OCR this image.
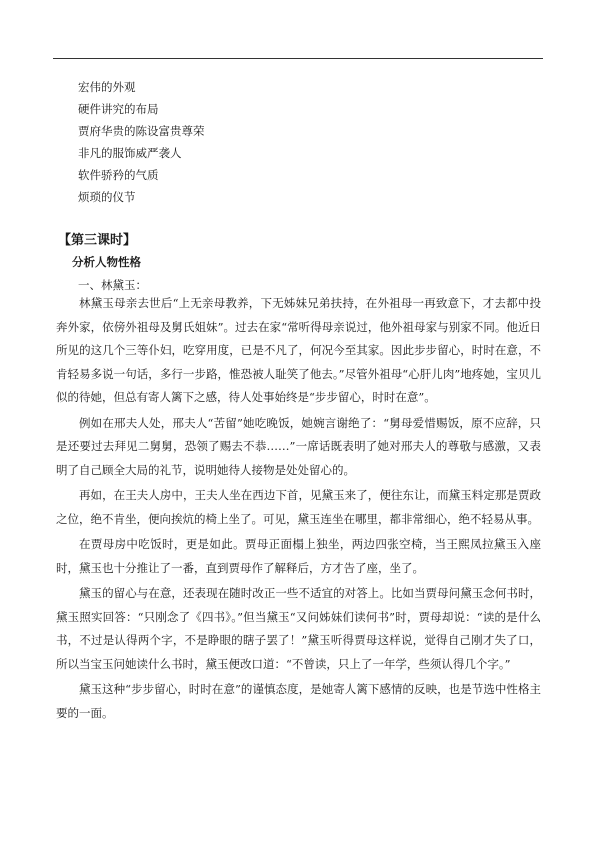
宏伟的外观
硬件讲究的布局
贾府华贵的陈设富贵尊荣
非凡的服饰威严袭人
软件骄矜的气质
烦琐的仪节
【第三课时】
分析人物性格
一、林黛玉：

林黛玉母亲去世后“上无亲母教养，下无姊妹兄弟扶持，在外祖母一再致意下，才去都中投奔外家，依傍外祖母及舅氏姐妹”。过去在家“常听得母亲说过，他外祖母家与别家不同。他近日所见的这几个三等仆妇，吃穿用度，已是不凡了，何况今至其家。因此步步留心，时时在意，不肯轻易多说一句话，多行一步路，惟恐被人耻笑了他去。”尽管外祖母“心肝儿肉”地疼她，宝贝儿似的待她，但总有寄人篱下之感，待人处事始终是“步步留心，时时在意”。

例如在邢夫人处，邢夫人“苦留”她吃晚饭，她婉言谢绝了：“舅母爱惜赐饭，原不应辞，只是还要过去拜见二舅舅，恐领了赐去不恭……”一席话既表明了她对邢夫人的尊敬与感激，又表明了自己顾全大局的礼节，说明她待人接物是处处留心的。

再如，在王夫人房中，王夫人坐在西边下首，见黛玉来了，便往东让，而黛玉料定那是贾政之位，绝不肯坐，便向挨炕的椅上坐了。可见，黛玉连坐在哪里，都非常细心，绝不轻易从事。

在贾母房中吃饭时，更是如此。贾母正面榻上独坐，两边四张空椅，当王熙凤拉黛玉入座时，黛玉也十分推让了一番，直到贾母作了解释后，方才告了座，坐了。

黛玉的留心与在意，还表现在随时改正一些不适宜的对答上。比如当贾母问黛玉念何书时，黛玉照实回答：“只刚念了《四书》。”但当黛玉“又问姊妹们读何书”时，贾母却说：“读的是什么书，不过是认得两个字，不是睁眼的瞎子罢了！”黛玉听得贾母这样说，觉得自己刚才失了口，所以当宝玉问她读什么书时，黛玉便改口道：“不曾读，只上了一年学，些须认得几个字。”

黛玉这种“步步留心，时时在意”的谨慎态度，是她寄人篱下感情的反映，也是节选中性格主要的一面。
